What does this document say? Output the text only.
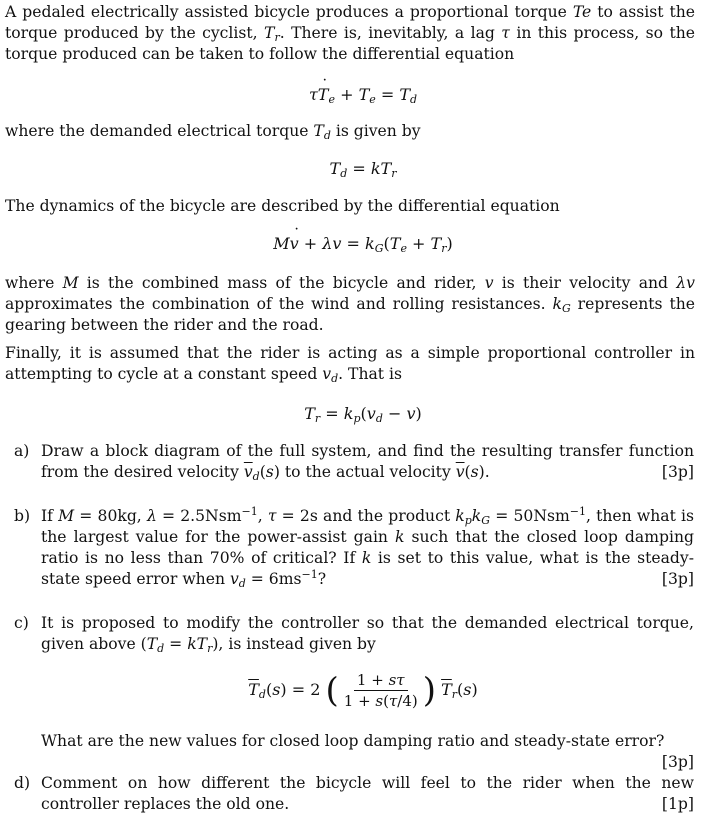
A pedaled electrically assisted bicycle produces a proportional torque Te to assist the torque produced by the cyclist, $T_r$. There is, inevitably, a lag τ in this process, so the torque produced can be taken to follow the differential equation
τ˙ $T_e + T_e = T_d$
where the demanded electrical torque $T_d$ is given by
$T_d = kT_r$
The dynamics of the bicycle are described by the differential equation
M˙ $v + \lambda v = k_G(T_e + T_r)$
where M is the combined mass of the bicycle and rider, v is their velocity and λv approximates the combination of the wind and rolling resistances. $k_G$ represents the gearing between the rider and the road.
Finally, it is assumed that the rider is acting as a simple proportional controller in attempting to cycle at a constant speed $v_d$. That is
$T_r = k_p(v_d - v)$
a) Draw a block diagram of the full system, and find the resulting transfer function from the desired velocity $\overline{v}_d(s)$ to the actual velocity $\overline{v}(s)$.	[3p]
b) If M = 80kg, λ = 2.5Nsm$^{-1}$, τ = 2s and the product $k_pk_G = 50Nsm^{-1}$, then what is the largest value for the power-assist gain k such that the closed loop damping ratio is no less than 70% of critical? If k is set to this value, what is the steady-state speed error when $v_d = 6ms^{-1}$?	[3p]
c) It is proposed to modify the controller so that the demanded electrical torque, given above $(T_d = kT_r)$, is instead given by
$\overline{T}_d(s) = 2$ ( $\frac{1 + s\tau}{1 + s(\tau/4)}$ ) $\overline{T}_r(s)$
What are the new values for closed loop damping ratio and steady-state error?
[3p]
d) Comment on how different the bicycle will feel to the rider when the new controller replaces the old one.	[1p]
